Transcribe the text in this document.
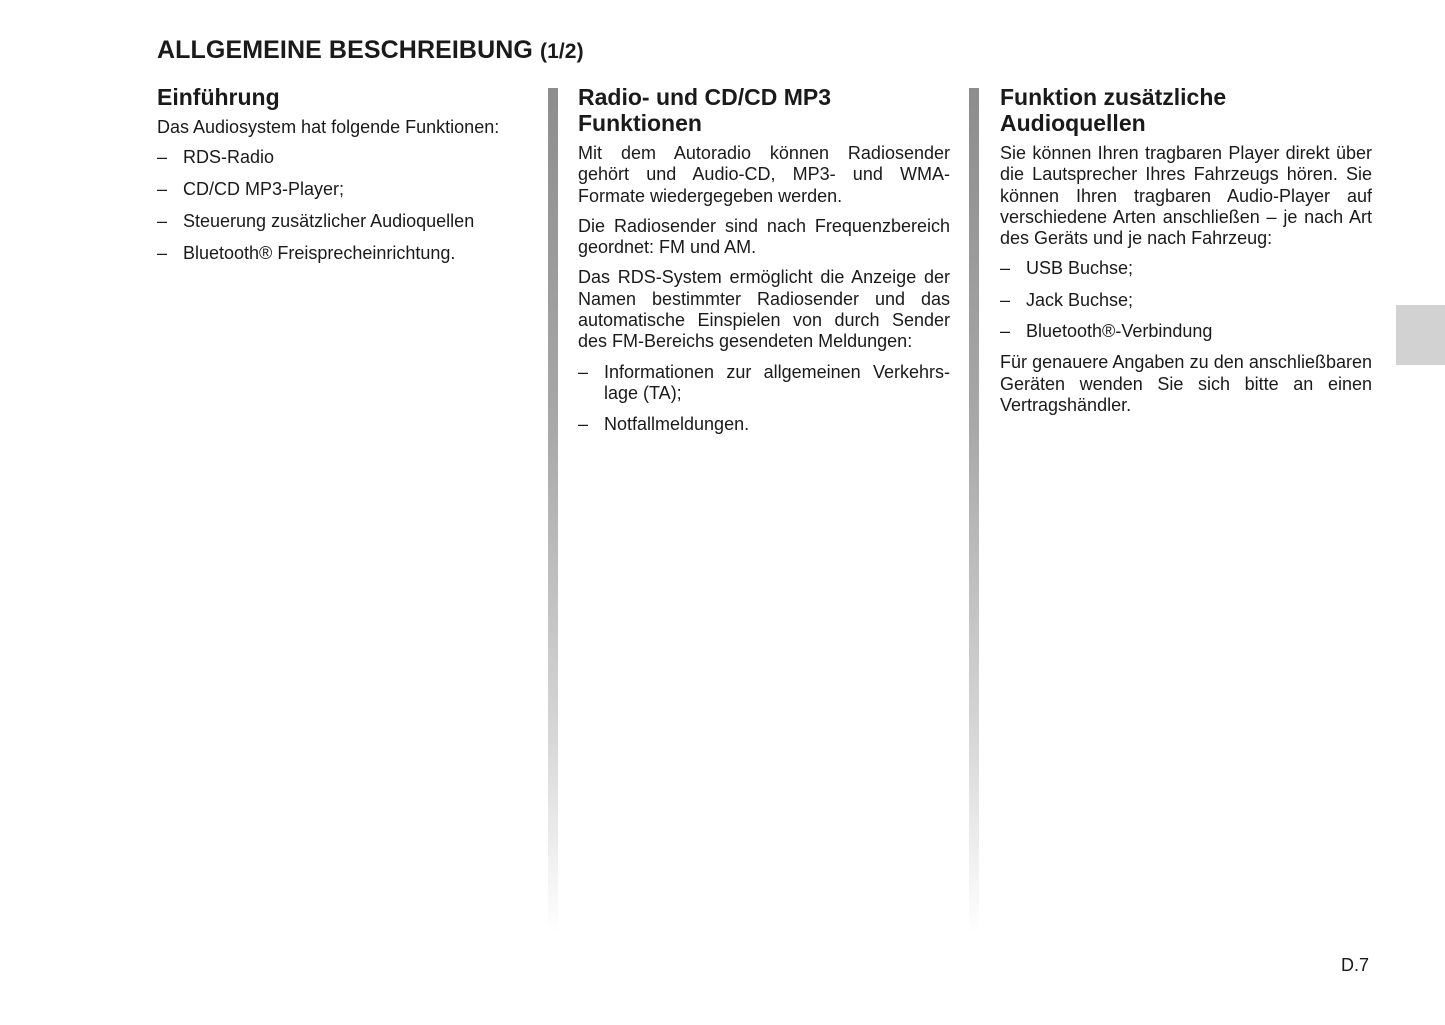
ALLGEMEINE BESCHREIBUNG (1/2)
Einführung

Das Audiosystem hat folgende Funktionen:

– RDS-Radio
– CD/CD MP3-Player;
– Steuerung zusätzlicher Audioquellen
– Bluetooth® Freisprecheinrichtung.
Radio- und CD/CD MP3 Funktionen

Mit dem Autoradio können Radiosender gehört und Audio-CD, MP3- und WMA-Formate wiedergegeben werden.

Die Radiosender sind nach Frequenzbereich geordnet: FM und AM.

Das RDS-System ermöglicht die Anzeige der Namen bestimmter Radiosender und das automatische Einspielen von durch Sender des FM-Bereichs gesendeten Meldungen:

– Informationen zur allgemeinen Verkehrslage (TA);
– Notfallmeldungen.
Funktion zusätzliche Audioquellen

Sie können Ihren tragbaren Player direkt über die Lautsprecher Ihres Fahrzeugs hören. Sie können Ihren tragbaren Audio-Player auf verschiedene Arten anschließen – je nach Art des Geräts und je nach Fahrzeug:

– USB Buchse;
– Jack Buchse;
– Bluetooth®-Verbindung

Für genauere Angaben zu den anschließbaren Geräten wenden Sie sich bitte an einen Vertragshändler.

D.7
